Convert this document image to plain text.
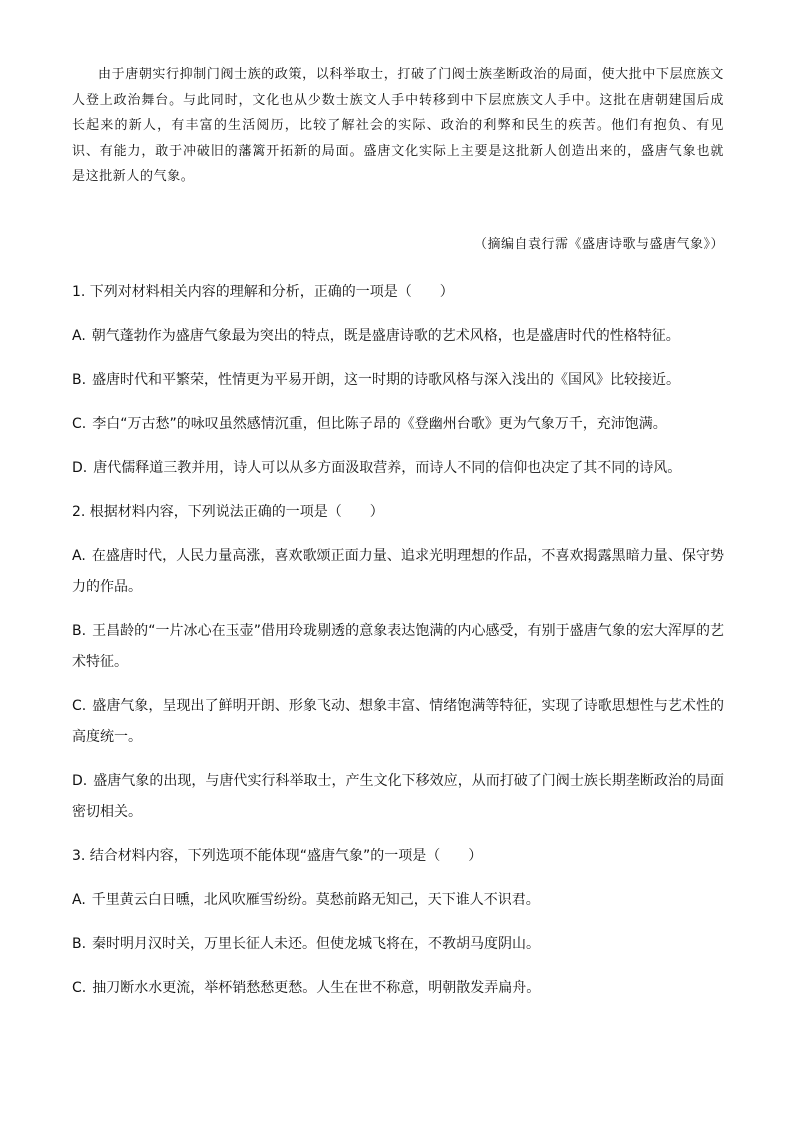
由于唐朝实行抑制门阀士族的政策，以科举取士，打破了门阀士族垄断政治的局面，使大批中下层庶族文人登上政治舞台。与此同时，文化也从少数士族文人手中转移到中下层庶族文人手中。这批在唐朝建国后成长起来的新人，有丰富的生活阅历，比较了解社会的实际、政治的利弊和民生的疾苦。他们有抱负、有见识、有能力，敢于冲破旧的藩篱开拓新的局面。盛唐文化实际上主要是这批新人创造出来的，盛唐气象也就是这批新人的气象。
（摘编自袁行霈《盛唐诗歌与盛唐气象》）
1. 下列对材料相关内容的理解和分析，正确的一项是（　　）
A. 朝气蓬勃作为盛唐气象最为突出的特点，既是盛唐诗歌的艺术风格，也是盛唐时代的性格特征。
B. 盛唐时代和平繁荣，性情更为平易开朗，这一时期的诗歌风格与深入浅出的《国风》比较接近。
C. 李白“万古愁”的咏叹虽然感情沉重，但比陈子昂的《登幽州台歌》更为气象万千，充沛饱满。
D. 唐代儒释道三教并用，诗人可以从多方面汲取营养，而诗人不同的信仰也决定了其不同的诗风。
2. 根据材料内容，下列说法正确的一项是（　　）
A. 在盛唐时代，人民力量高涨，喜欢歌颂正面力量、追求光明理想的作品，不喜欢揭露黑暗力量、保守势力的作品。
B. 王昌龄的“一片冰心在玉壶”借用玲珑剔透的意象表达饱满的内心感受，有别于盛唐气象的宏大浑厚的艺术特征。
C. 盛唐气象，呈现出了鲜明开朗、形象飞动、想象丰富、情绪饱满等特征，实现了诗歌思想性与艺术性的高度统一。
D. 盛唐气象的出现，与唐代实行科举取士，产生文化下移效应，从而打破了门阀士族长期垄断政治的局面密切相关。
3. 结合材料内容，下列选项不能体现“盛唐气象”的一项是（　　）
A. 千里黄云白日曛，北风吹雁雪纷纷。莫愁前路无知己，天下谁人不识君。
B. 秦时明月汉时关，万里长征人未还。但使龙城飞将在，不教胡马度阴山。
C. 抽刀断水水更流，举杯销愁愁更愁。人生在世不称意，明朝散发弄扁舟。
